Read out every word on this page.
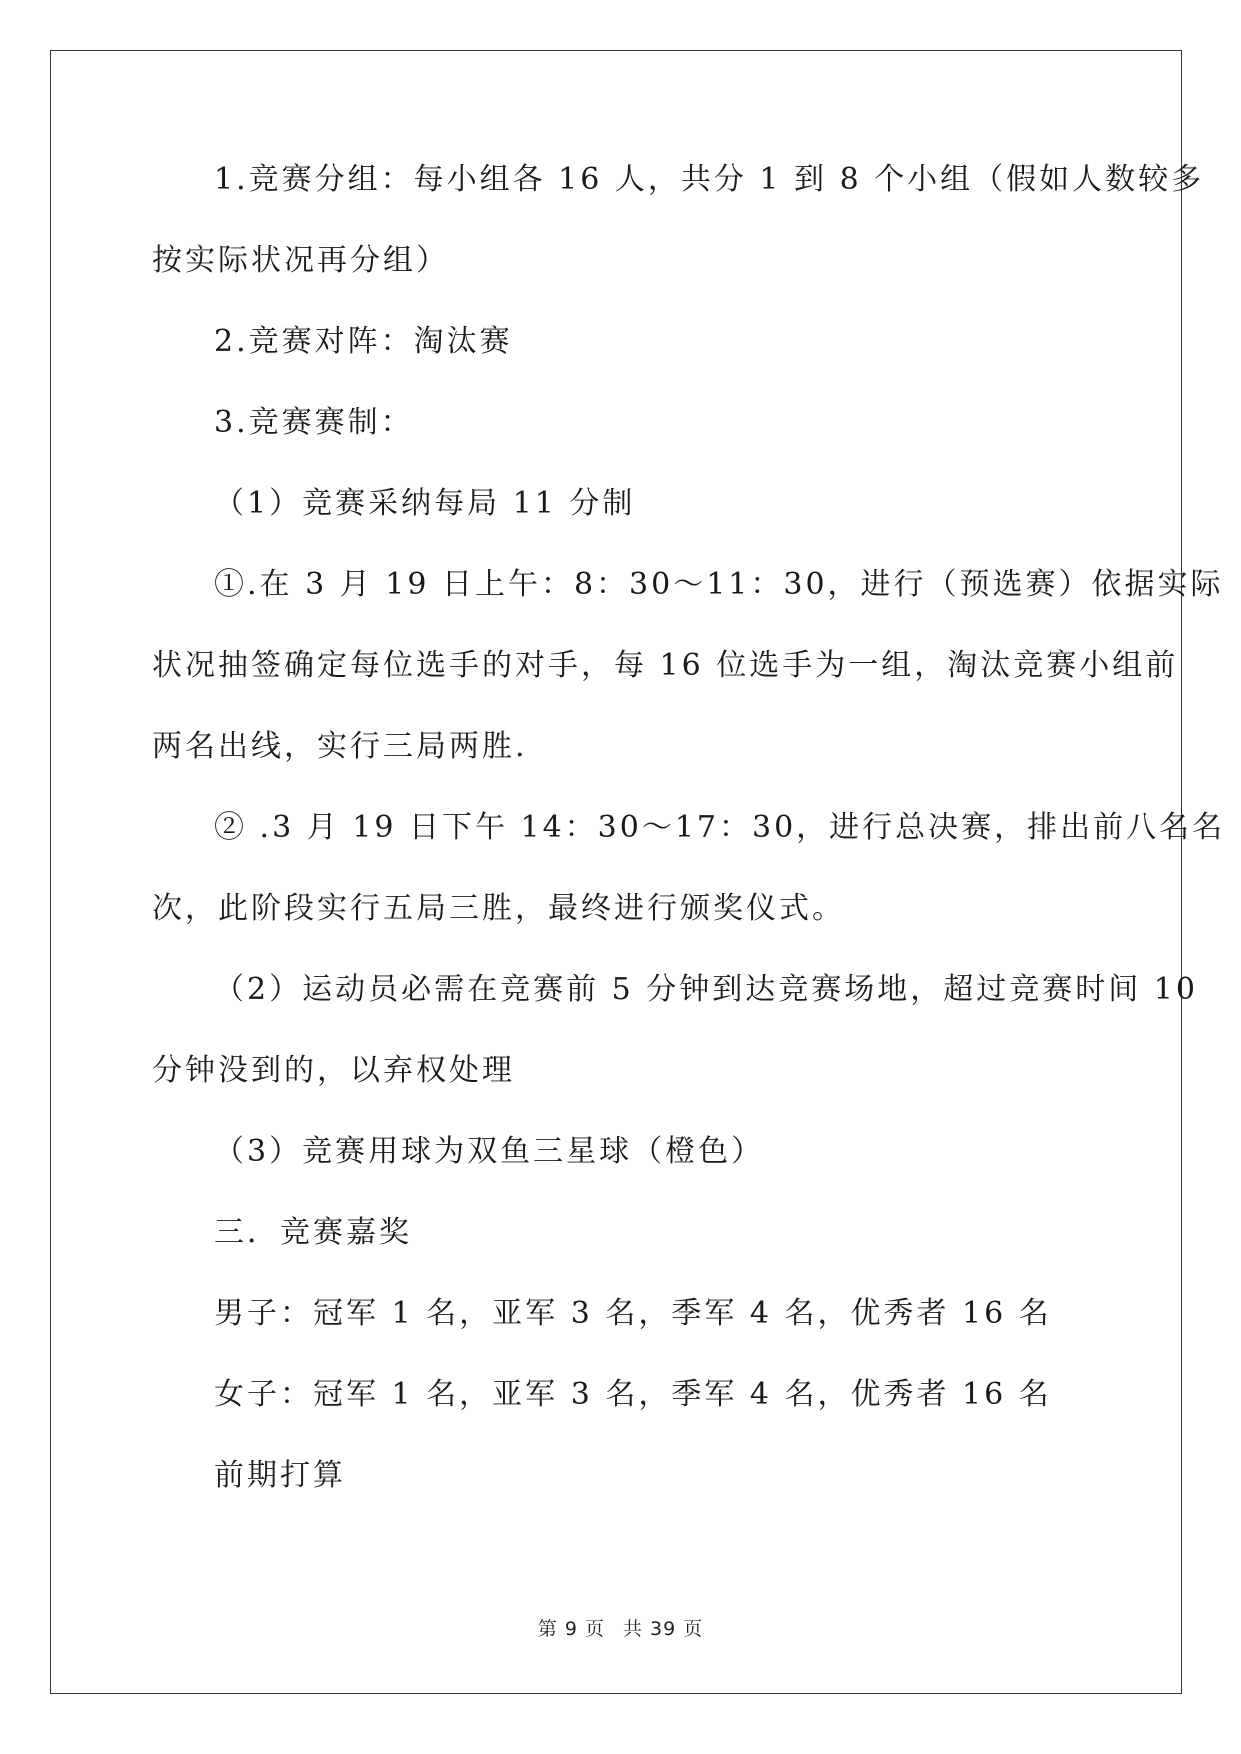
1.竞赛分组：每小组各 16 人，共分 1 到 8 个小组（假如人数较多
按实际状况再分组）
2.竞赛对阵：淘汰赛
3.竞赛赛制：
（1）竞赛采纳每局 11 分制
①.在 3 月 19 日上午：8：30～11：30，进行（预选赛）依据实际
状况抽签确定每位选手的对手，每 16 位选手为一组，淘汰竞赛小组前
两名出线，实行三局两胜.
② .3 月 19 日下午 14：30～17：30，进行总决赛，排出前八名名
次，此阶段实行五局三胜，最终进行颁奖仪式。
（2）运动员必需在竞赛前 5 分钟到达竞赛场地，超过竞赛时间 10
分钟没到的，以弃权处理
（3）竞赛用球为双鱼三星球（橙色）
三．竞赛嘉奖
男子：冠军 1 名，亚军 3 名，季军 4 名，优秀者 16 名
女子：冠军 1 名，亚军 3 名，季军 4 名，优秀者 16 名
前期打算
第 9 页 共 39 页
